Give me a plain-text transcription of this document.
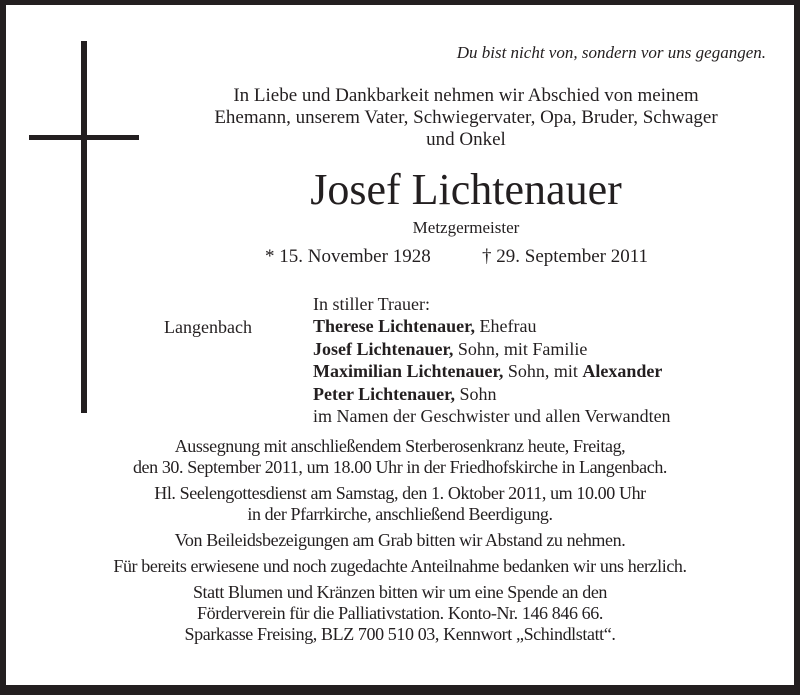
Du bist nicht von, sondern vor uns gegangen.
In Liebe und Dankbarkeit nehmen wir Abschied von meinem
Ehemann, unserem Vater, Schwiegervater, Opa, Bruder, Schwager
und Onkel
Josef Lichtenauer
Metzgermeister
* 15. November 1928	† 29. September 2011
Langenbach
In stiller Trauer:
Therese Lichtenauer, Ehefrau
Josef Lichtenauer, Sohn, mit Familie
Maximilian Lichtenauer, Sohn, mit Alexander
Peter Lichtenauer, Sohn
im Namen der Geschwister und allen Verwandten

Aussegnung mit anschließendem Sterberosenkranz heute, Freitag,
den 30. September 2011, um 18.00 Uhr in der Friedhofskirche in Langenbach.

Hl. Seelengottesdienst am Samstag, den 1. Oktober 2011, um 10.00 Uhr
in der Pfarrkirche, anschließend Beerdigung.

Von Beileidsbezeigungen am Grab bitten wir Abstand zu nehmen.

Für bereits erwiesene und noch zugedachte Anteilnahme bedanken wir uns herzlich.

Statt Blumen und Kränzen bitten wir um eine Spende an den
Förderverein für die Palliativstation. Konto-Nr. 146 846 66.
Sparkasse Freising, BLZ 700 510 03, Kennwort „Schindlstatt“.
